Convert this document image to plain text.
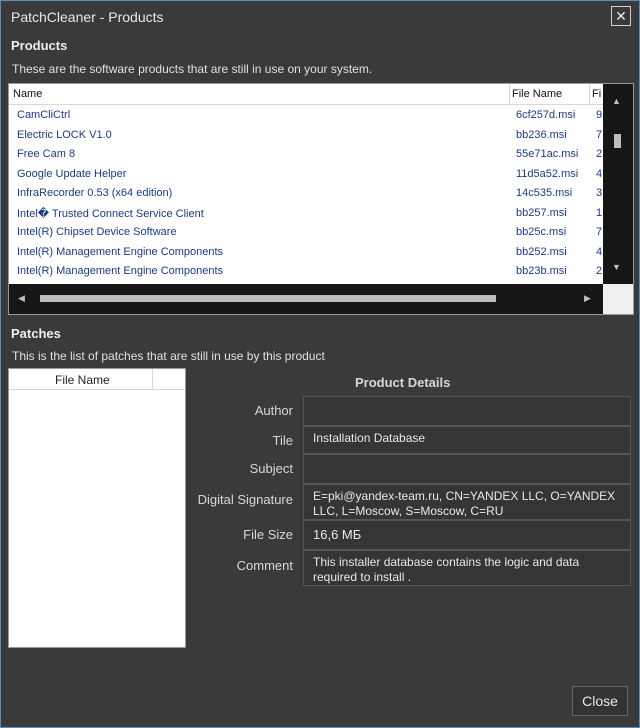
PatchCleaner - Products	✕
Products
These are the software products that are still in use on your system.
Name	File Name	Fi
CamCliCtrl	6cf257d.msi 9
Electric LOCK V1.0	bb236.msi	7
Free Cam 8	55e71ac.msi 2
Google Update Helper	11d5a52.msi 4
InfraRecorder 0.53 (x64 edition)	14c535.msi 3
Intel� Trusted Connect Service Client	bb257.msi	1
Intel(R) Chipset Device Software	bb25c.msi	7
Intel(R) Management Engine Components	bb252.msi	4
Intel(R) Management Engine Components	bb23b.msi	2
▲
▼
◀	▶
Patches
This is the list of patches that are still in use by this product
File Name	Product Details
Author
Tile Installation Database
Subject
Digital Signature E=pki@yandex-team.ru, CN=YANDEX LLC, O=YANDEX LLC, L=Moscow, S=Moscow, C=RU
File Size 16,6 МБ
Comment This installer database contains the logic and data required to install .
Close
